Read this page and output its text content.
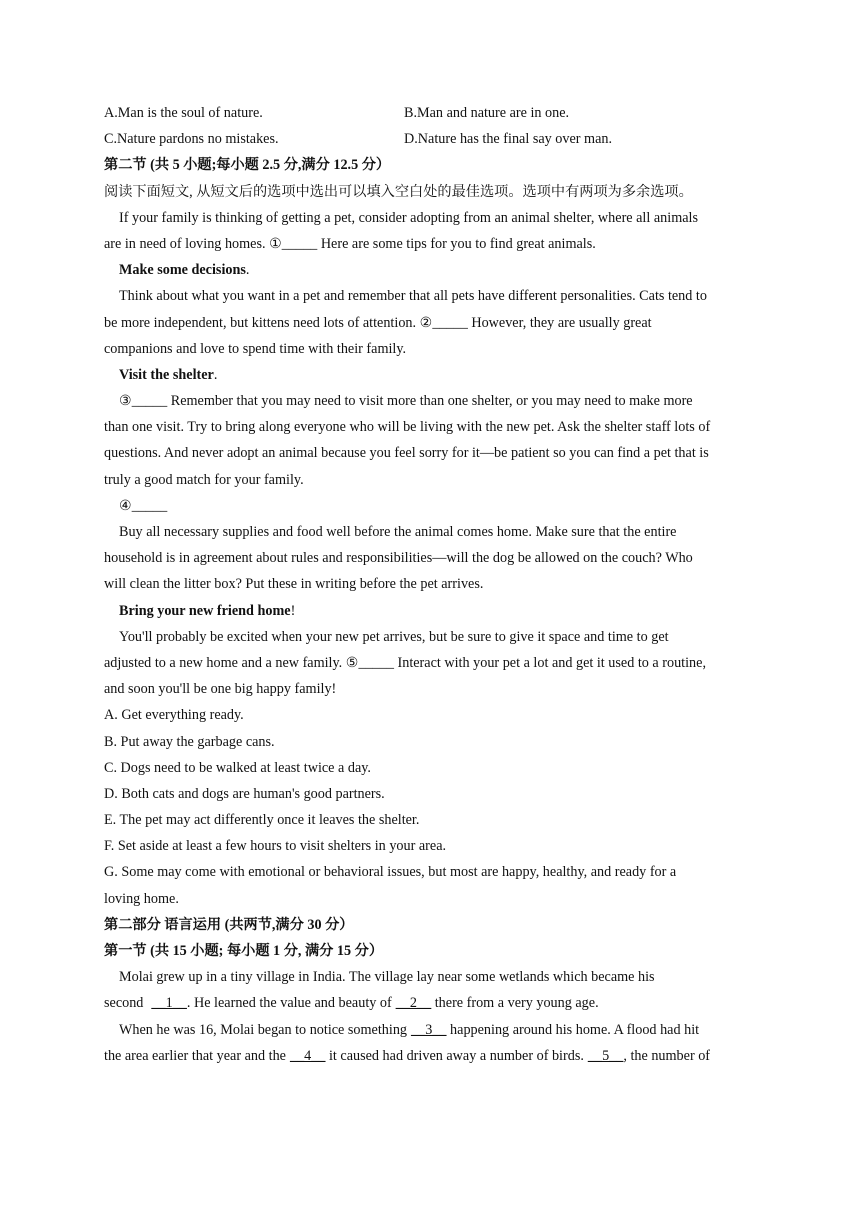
A.Man is the soul of nature.	B.Man and nature are in one.
C.Nature pardons no mistakes.	D.Nature has the final say over man.
第二节 (共 5 小题;每小题 2.5 分,满分 12.5 分）
阅读下面短文, 从短文后的选项中选出可以填入空白处的最佳选项。选项中有两项为多余选项。
If your family is thinking of getting a pet, consider adopting from an animal shelter, where all animals
are in need of loving homes. ①_____ Here are some tips for you to find great animals.
Make some decisions.
Think about what you want in a pet and remember that all pets have different personalities. Cats tend to
be more independent, but kittens need lots of attention. ②_____ However, they are usually great
companions and love to spend time with their family.
Visit the shelter.
③_____ Remember that you may need to visit more than one shelter, or you may need to make more
than one visit. Try to bring along everyone who will be living with the new pet. Ask the shelter staff lots of
questions. And never adopt an animal because you feel sorry for it—be patient so you can find a pet that is
truly a good match for your family.
④_____
Buy all necessary supplies and food well before the animal comes home. Make sure that the entire
household is in agreement about rules and responsibilities—will the dog be allowed on the couch? Who
will clean the litter box? Put these in writing before the pet arrives.
Bring your new friend home!
You'll probably be excited when your new pet arrives, but be sure to give it space and time to get
adjusted to a new home and a new family. ⑤_____ Interact with your pet a lot and get it used to a routine,
and soon you'll be one big happy family!
A. Get everything ready.
B. Put away the garbage cans.
C. Dogs need to be walked at least twice a day.
D. Both cats and dogs are human's good partners.
E. The pet may act differently once it leaves the shelter.
F. Set aside at least a few hours to visit shelters in your area.
G. Some may come with emotional or behavioral issues, but most are happy, healthy, and ready for a
loving home.
第二部分 语言运用 (共两节,满分 30 分）
第一节 (共 15 小题; 每小题 1 分, 满分 15 分）
Molai grew up in a tiny village in India. The village lay near some wetlands which became his
second __1__. He learned the value and beauty of __2__ there from a very young age.
When he was 16, Molai began to notice something __3__ happening around his home. A flood had hit
the area earlier that year and the __4__ it caused had driven away a number of birds. __5__, the number of
